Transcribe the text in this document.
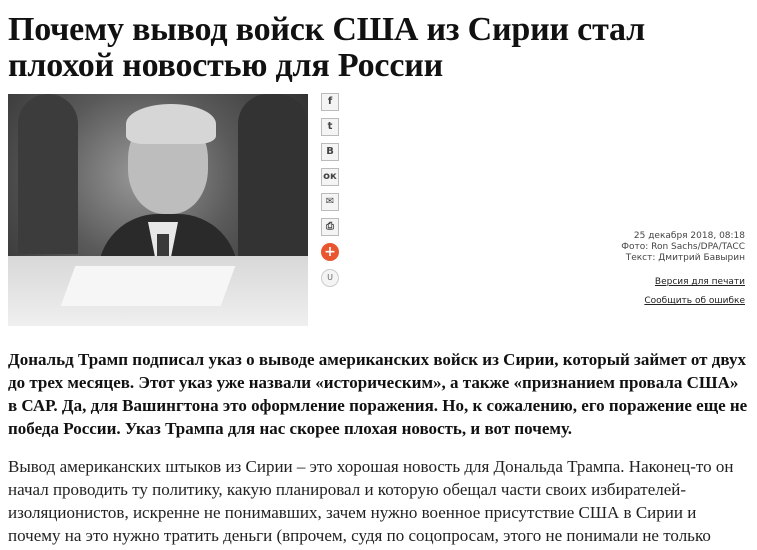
Почему вывод войск США из Сирии стал плохой новостью для России
f
t
В
ок
✉
⎙
+
U
25 декабря 2018, 08:18
Фото: Ron Sachs/DPA/TACC
Текст: Дмитрий Бавырин
Версия для печати
Сообщить об ошибке

Дональд Трамп подписал указ о выводе американских войск из Сирии, который займет от двух до трех месяцев. Этот указ уже назвали «историческим», а также «признанием провала США» в САР. Да, для Вашингтона это оформление поражения. Но, к сожалению, его поражение еще не победа России. Указ Трампа для нас скорее плохая новость, и вот почему.

Вывод американских штыков из Сирии – это хорошая новость для Дональда Трампа. Наконец-то он начал проводить ту политику, какую планировал и которую обещал части своих избирателей-изоляционистов, искренне не понимавших, зачем нужно военное присутствие США в Сирии и почему на это нужно тратить деньги (впрочем, судя по соцопросам, этого не понимали не только
